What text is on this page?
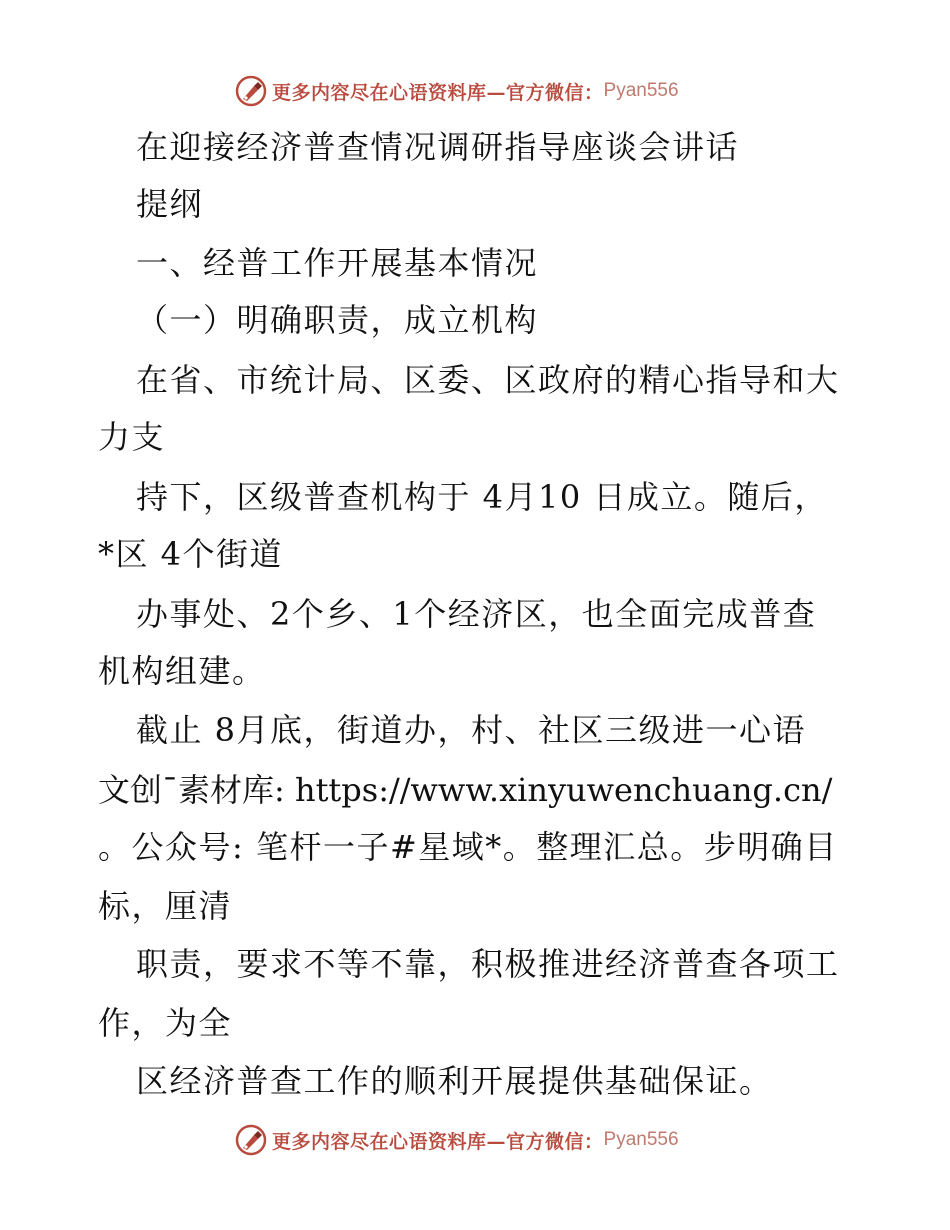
更多内容尽在心语资料库—官方微信： Pyan556
在迎接经济普查情况调研指导座谈会讲话
提纲
一、经普工作开展基本情况
（一）明确职责，成立机构
在省、市统计局、区委、区政府的精心指导和大
力支
持下，区级普查机构于 4月10 日成立。随后，
*区 4个街道
办事处、2个乡、1个经济区，也全面完成普查
机构组建。
截止 8月底，街道办，村、社区三级进一心语
文创¯素材库: https://www.xinyuwenchuang.cn/
。公众号: 笔杆一子#星域*。整理汇总。步明确目
标，厘清
职责，要求不等不靠，积极推进经济普查各项工
作，为全
区经济普查工作的顺利开展提供基础保证。
更多内容尽在心语资料库—官方微信： Pyan556
